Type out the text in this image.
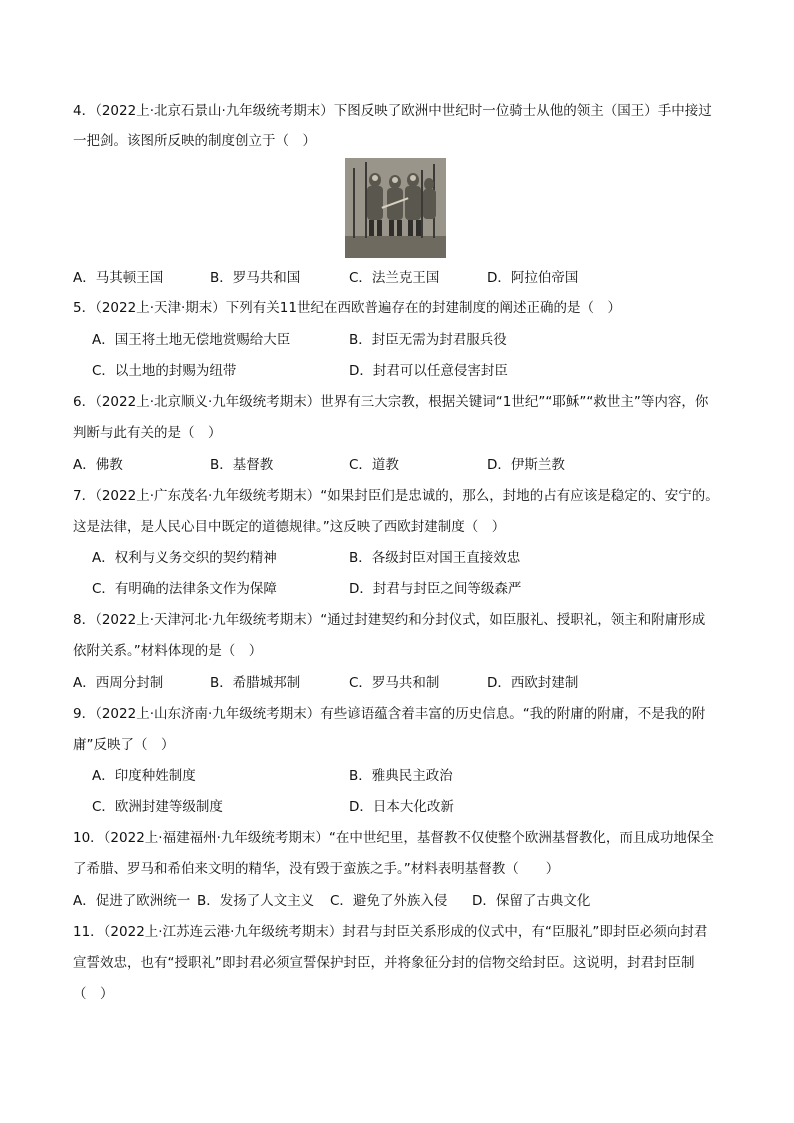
4．（2022上·北京石景山·九年级统考期末）下图反映了欧洲中世纪时一位骑士从他的领主（国王）手中接过
一把剑。该图所反映的制度创立于（　）
A．马其顿王国	B．罗马共和国	C．法兰克王国	D．阿拉伯帝国
5．（2022上·天津·期末）下列有关11世纪在西欧普遍存在的封建制度的阐述正确的是（　）
A．国王将土地无偿地赏赐给大臣	B．封臣无需为封君服兵役
C．以土地的封赐为纽带	D．封君可以任意侵害封臣
6．（2022上·北京顺义·九年级统考期末）世界有三大宗教，根据关键词“1世纪”“耶稣”“救世主”等内容，你
判断与此有关的是（　）
A．佛教	B．基督教	C．道教	D．伊斯兰教
7．（2022上·广东茂名·九年级统考期末）“如果封臣们是忠诚的，那么，封地的占有应该是稳定的、安宁的。
这是法律，是人民心目中既定的道德规律。”这反映了西欧封建制度（　）
A．权利与义务交织的契约精神	B．各级封臣对国王直接效忠
C．有明确的法律条文作为保障	D．封君与封臣之间等级森严
8．（2022上·天津河北·九年级统考期末）“通过封建契约和分封仪式，如臣服礼、授职礼，领主和附庸形成
依附关系。”材料体现的是（　）
A．西周分封制	B．希腊城邦制	C．罗马共和制	D．西欧封建制
9．（2022上·山东济南·九年级统考期末）有些谚语蕴含着丰富的历史信息。“我的附庸的附庸，不是我的附
庸”反映了（　）
A．印度种姓制度	B．雅典民主政治
C．欧洲封建等级制度	D．日本大化改新
10．（2022上·福建福州·九年级统考期末）“在中世纪里，基督教不仅使整个欧洲基督教化，而且成功地保全
了希腊、罗马和希伯来文明的精华，没有毁于蛮族之手。”材料表明基督教（　　）
A．促进了欧洲统一 B．发扬了人文主义 C．避免了外族入侵 D．保留了古典文化
11．（2022上·江苏连云港·九年级统考期末）封君与封臣关系形成的仪式中，有“臣服礼”即封臣必须向封君
宣誓效忠，也有“授职礼”即封君必须宣誓保护封臣，并将象征分封的信物交给封臣。这说明，封君封臣制
（　）
